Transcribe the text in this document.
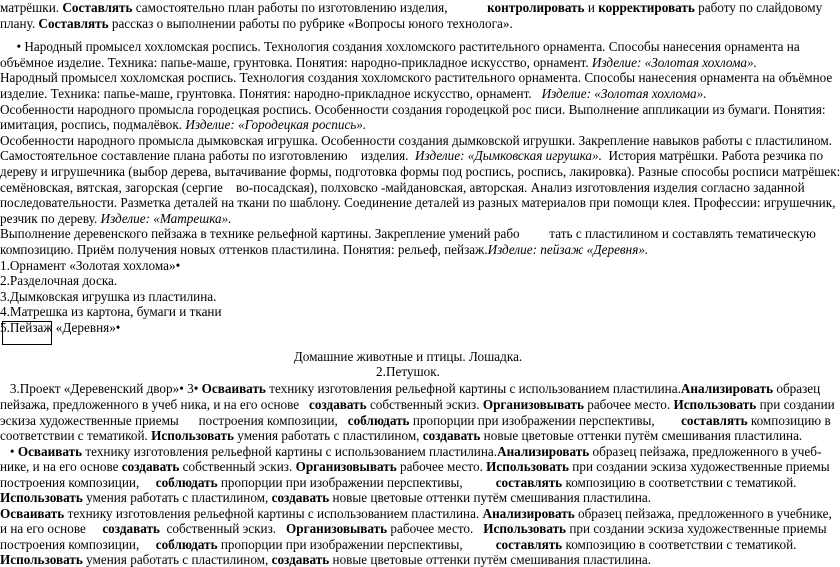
матрёшки. Составлять самостоятельно план работы по изготовлению изделия,            контролировать и корректировать работу по слайдовому
плану. Составлять рассказ о выполнении работы по рубрике «Вопросы юного технолога».
• Народный промысел хохломская роспись. Технология создания хохломского растительного орнамента. Способы нанесения орнамента на
объёмное изделие. Техника: папье-маше, грунтовка. Понятия: народно-прикладное искусство, орнамент. Изделие: «Золотая хохлома».
Народный промысел хохломская роспись. Технология создания хохломского растительного орнамента. Способы нанесения орнамента на объёмное
изделие. Техника: папье-маше, грунтовка. Понятия: народно-прикладное искусство, орнамент.   Изделие: «Золотая хохлома».
Особенности народного промысла городецкая роспись. Особенности создания городецкой рос писи. Выполнение аппликации из бумаги. Понятия:
имитация, роспись, подмалёвок. Изделие: «Городецкая роспись».
Особенности народного промысла дымковская игрушка. Особенности создания дымковской игрушки. Закрепление навыков работы с пластилином.
Самостоятельное составление плана работы по изготовлению    изделия.  Изделие: «Дымковская игрушка».  История матрёшки. Работа резчика по
дереву и игрушечника (выбор дерева, вытачивание формы, подготовка формы под роспись, роспись, лакировка). Разные способы росписи матрёшек:
семёновская, вятская, загорская (сергие    во-посадская), полховско -майдановская, авторская. Анализ изготовления изделия согласно заданной
последовательности. Разметка деталей на ткани по шаблону. Соединение деталей из разных материалов при помощи клея. Профессии: игрушечник,
резчик по дереву. Изделие: «Матрешка».
Выполнение деревенского пейзажа в технике рельефной картины. Закрепление умений рабо         тать с пластилином и составлять тематическую
композицию. Приём получения новых оттенков пластилина. Понятия: рельеф, пейзаж.Изделие: пейзаж «Деревня».
1.Орнамент «Золотая хохлома»•
2.Разделочная доска.
3.Дымковская игрушка из пластилина.
4.Матрешка из картона, бумаги и ткани
5.Пейзаж «Деревня»•
Домашние животные и птицы. Лошадка.
2.Петушок.
3.Проект «Деревенский двор»• 3• Осваивать технику изготовления рельефной картины с использованием пластилина.Анализировать образец
пейзажа, предложенного в учеб ника, и на его основе   создавать собственный эскиз. Организовывать рабочее место. Использовать при создании
эскиза художественные приемы      построения композиции,   соблюдать пропорции при изображении перспективы,        составлять композицию в
соответствии с тематикой. Использовать умения работать с пластилином, создавать новые цветовые оттенки путём смешивания пластилина.
• Осваивать технику изготовления рельефной картины с использованием пластилина.Анализировать образец пейзажа, предложенного в учеб-
нике, и на его основе создавать собственный эскиз. Организовывать рабочее место. Использовать при создании эскиза художественные приемы
построения композиции,     соблюдать пропорции при изображении перспективы,          составлять композицию в соответствии с тематикой.
Использовать умения работать с пластилином, создавать новые цветовые оттенки путём смешивания пластилина.
Осваивать технику изготовления рельефной картины с использованием пластилина. Анализировать образец пейзажа, предложенного в учебнике,
и на его основе     создавать  собственный эскиз.   Организовывать рабочее место.   Использовать при создании эскиза художественные приемы
построения композиции,     соблюдать пропорции при изображении перспективы,          составлять композицию в соответствии с тематикой.
Использовать умения работать с пластилином, создавать новые цветовые оттенки путём смешивания пластилина.
